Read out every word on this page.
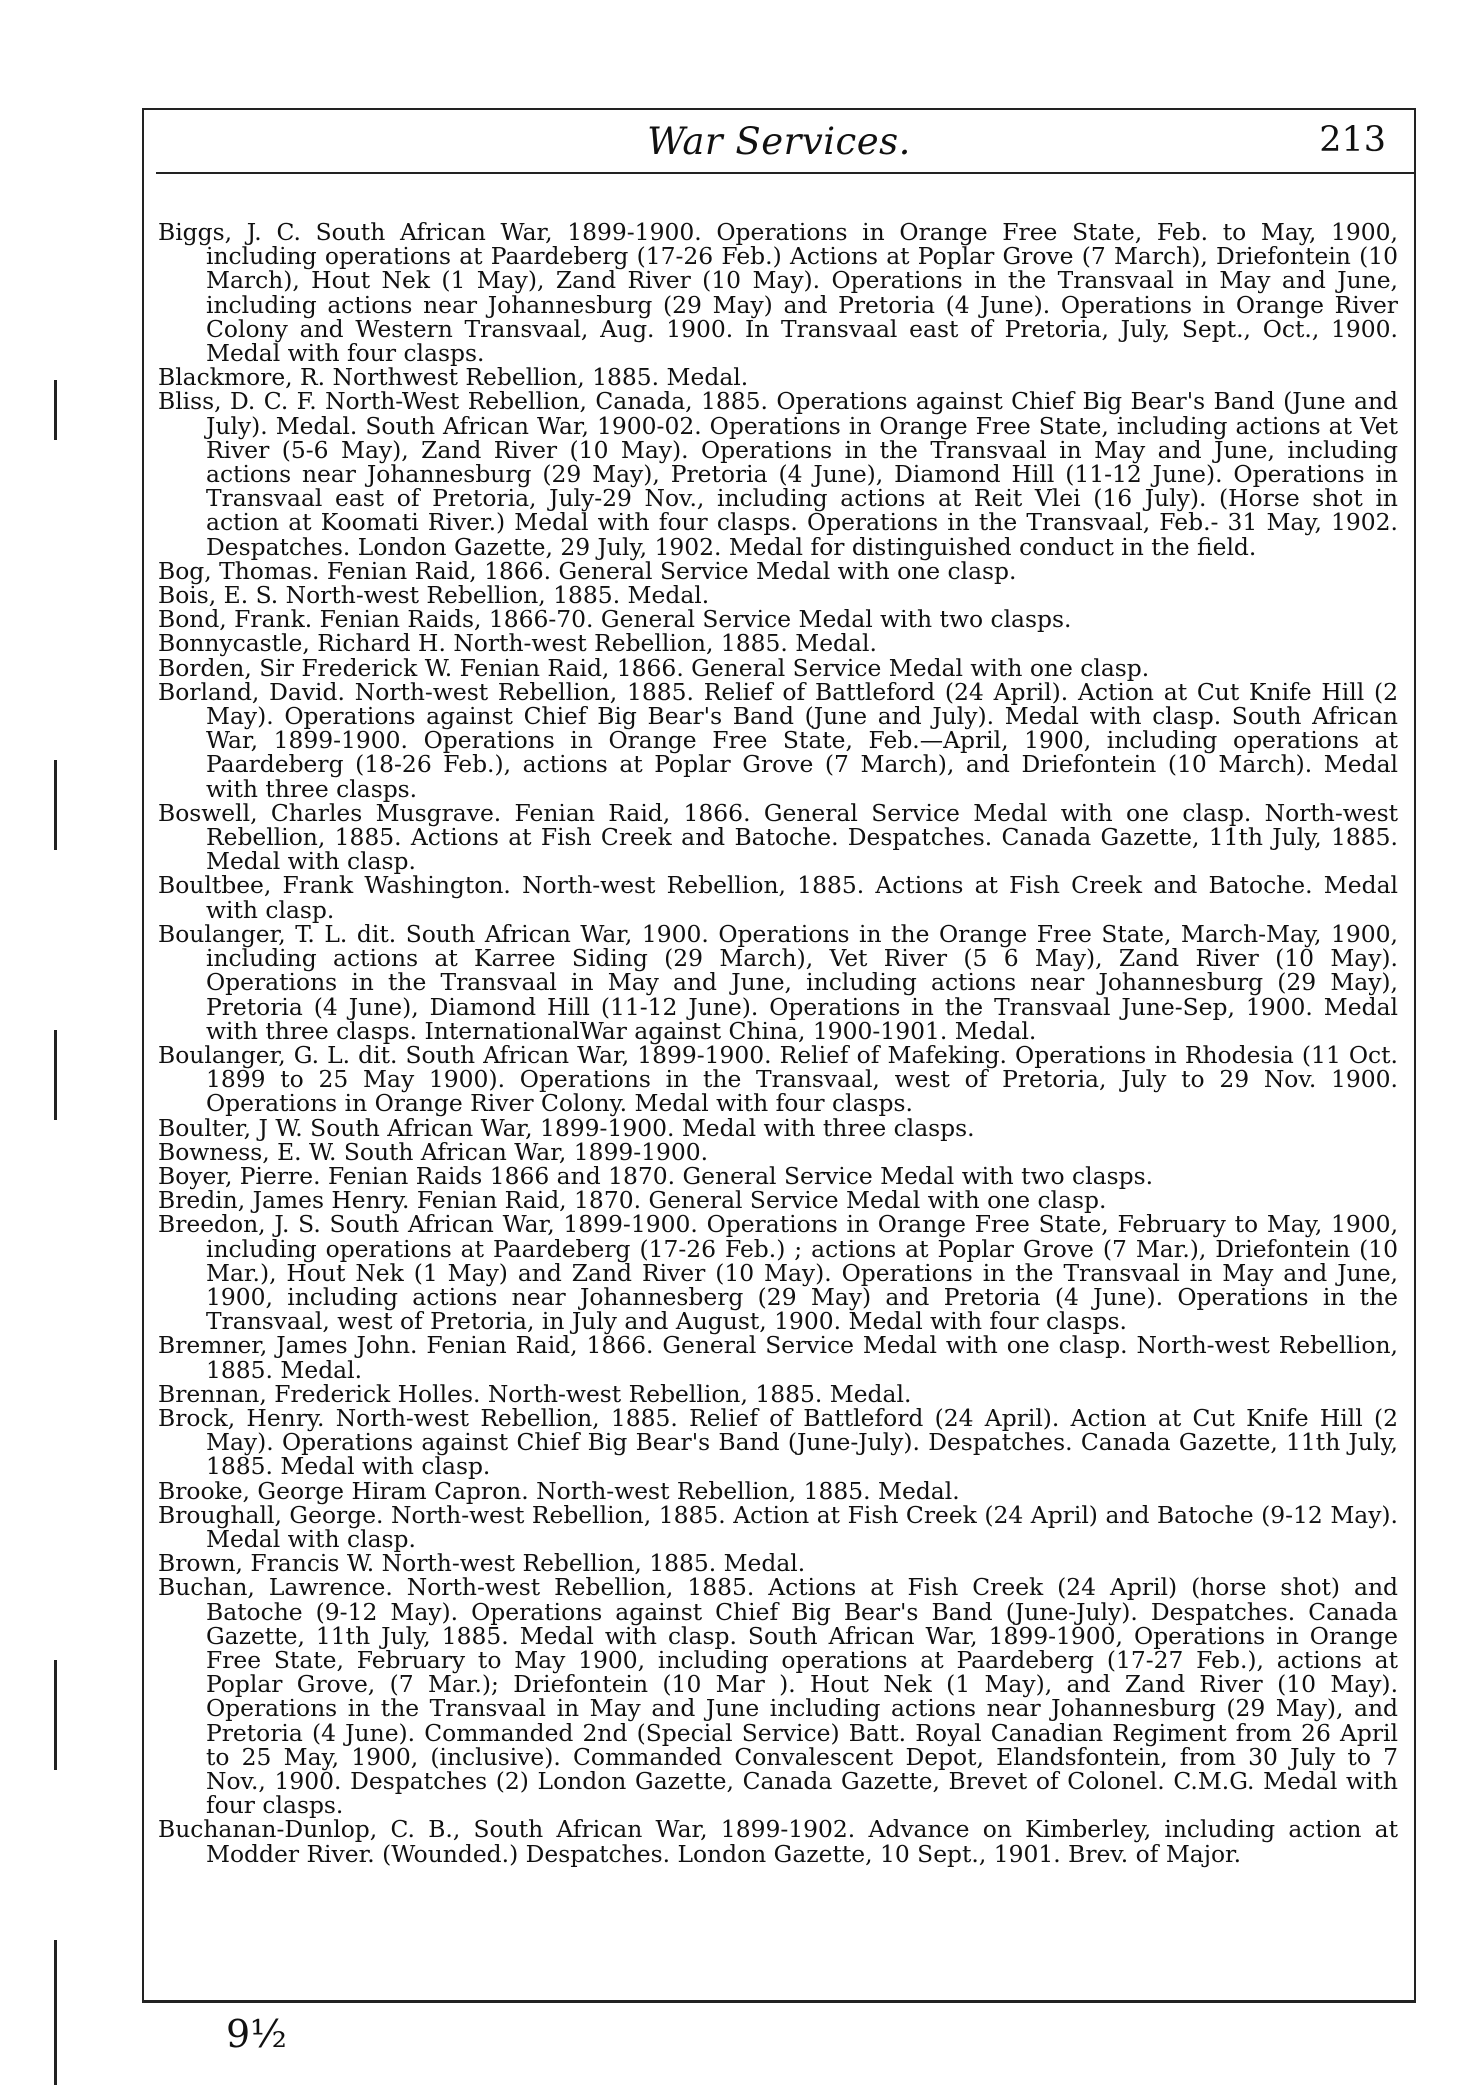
War Services.	213

Biggs, J. C. South African War, 1899-1900. Operations in Orange Free State, Feb. to May, 1900, including operations at Paardeberg (17-26 Feb.) Actions at Poplar Grove (7 March), Driefontein (10 March), Hout Nek (1 May), Zand River (10 May). Operations in the Transvaal in May and June, including actions near Johannesburg (29 May) and Pretoria (4 June). Operations in Orange River Colony and Western Transvaal, Aug. 1900. In Transvaal east of Pretoria, July, Sept., Oct., 1900. Medal with four clasps.

Blackmore, R. Northwest Rebellion, 1885. Medal.

Bliss, D. C. F. North-West Rebellion, Canada, 1885. Operations against Chief Big Bear's Band (June and July). Medal. South African War, 1900-02. Operations in Orange Free State, including actions at Vet River (5-6 May), Zand River (10 May). Operations in the Transvaal in May and June, including actions near Johannesburg (29 May), Pretoria (4 June), Diamond Hill (11-12 June). Operations in Transvaal east of Pretoria, July-29 Nov., including actions at Reit Vlei (16 July). (Horse shot in action at Koomati River.) Medal with four clasps. Operations in the Transvaal, Feb.- 31 May, 1902. Despatches. London Gazette, 29 July, 1902. Medal for distinguished conduct in the field.

Bog, Thomas. Fenian Raid, 1866. General Service Medal with one clasp.

Bois, E. S. North-west Rebellion, 1885. Medal.

Bond, Frank. Fenian Raids, 1866-70. General Service Medal with two clasps.

Bonnycastle, Richard H. North-west Rebellion, 1885. Medal.

Borden, Sir Frederick W. Fenian Raid, 1866. General Service Medal with one clasp.

Borland, David. North-west Rebellion, 1885. Relief of Battleford (24 April). Action at Cut Knife Hill (2 May). Operations against Chief Big Bear's Band (June and July). Medal with clasp. South African War, 1899-1900. Operations in Orange Free State, Feb.—April, 1900, including operations at Paardeberg (18-26 Feb.), actions at Poplar Grove (7 March), and Driefontein (10 March). Medal with three clasps.

Boswell, Charles Musgrave. Fenian Raid, 1866. General Service Medal with one clasp. North-west Rebellion, 1885. Actions at Fish Creek and Batoche. Despatches. Canada Gazette, 11th July, 1885. Medal with clasp.

Boultbee, Frank Washington. North-west Rebellion, 1885. Actions at Fish Creek and Batoche. Medal with clasp.

Boulanger, T. L. dit. South African War, 1900. Operations in the Orange Free State, March-May, 1900, including actions at Karree Siding (29 March), Vet River (5 6 May), Zand River (10 May). Operations in the Transvaal in May and June, including actions near Johannesburg (29 May), Pretoria (4 June), Diamond Hill (11-12 June). Operations in the Transvaal June-Sep, 1900. Medal with three clasps. InternationalWar against China, 1900-1901. Medal.

Boulanger, G. L. dit. South African War, 1899-1900. Relief of Mafeking. Operations in Rhodesia (11 Oct. 1899 to 25 May 1900). Operations in the Transvaal, west of Pretoria, July to 29 Nov. 1900. Operations in Orange River Colony. Medal with four clasps.

Boulter, J W. South African War, 1899-1900. Medal with three clasps.

Bowness, E. W. South African War, 1899-1900.

Boyer, Pierre. Fenian Raids 1866 and 1870. General Service Medal with two clasps.

Bredin, James Henry. Fenian Raid, 1870. General Service Medal with one clasp.

Breedon, J. S. South African War, 1899-1900. Operations in Orange Free State, February to May, 1900, including operations at Paardeberg (17-26 Feb.) ; actions at Poplar Grove (7 Mar.), Driefontein (10 Mar.), Hout Nek (1 May) and Zand River (10 May). Operations in the Transvaal in May and June, 1900, including actions near Johannesberg (29 May) and Pretoria (4 June). Operations in the Transvaal, west of Pretoria, in July and August, 1900. Medal with four clasps.

Bremner, James John. Fenian Raid, 1866. General Service Medal with one clasp. North-west Rebellion, 1885. Medal.

Brennan, Frederick Holles. North-west Rebellion, 1885. Medal.

Brock, Henry. North-west Rebellion, 1885. Relief of Battleford (24 April). Action at Cut Knife Hill (2 May). Operations against Chief Big Bear's Band (June-July). Despatches. Canada Gazette, 11th July, 1885. Medal with clasp.

Brooke, George Hiram Capron. North-west Rebellion, 1885. Medal.

Broughall, George. North-west Rebellion, 1885. Action at Fish Creek (24 April) and Batoche (9-12 May). Medal with clasp.

Brown, Francis W. North-west Rebellion, 1885. Medal.

Buchan, Lawrence. North-west Rebellion, 1885. Actions at Fish Creek (24 April) (horse shot) and Batoche (9-12 May). Operations against Chief Big Bear's Band (June-July). Despatches. Canada Gazette, 11th July, 1885. Medal with clasp. South African War, 1899-1900, Operations in Orange Free State, February to May 1900, including operations at Paardeberg (17-27 Feb.), actions at Poplar Grove, (7 Mar.); Driefontein (10 Mar ). Hout Nek (1 May), and Zand River (10 May). Operations in the Transvaal in May and June including actions near Johannesburg (29 May), and Pretoria (4 June). Commanded 2nd (Special Service) Batt. Royal Canadian Regiment from 26 April to 25 May, 1900, (inclusive). Commanded Convalescent Depot, Elandsfontein, from 30 July to 7 Nov., 1900. Despatches (2) London Gazette, Canada Gazette, Brevet of Colonel. C.M.G. Medal with four clasps.

Buchanan-Dunlop, C. B., South African War, 1899-1902. Advance on Kimberley, including action at Modder River. (Wounded.) Despatches. London Gazette, 10 Sept., 1901. Brev. of Major.

9½
